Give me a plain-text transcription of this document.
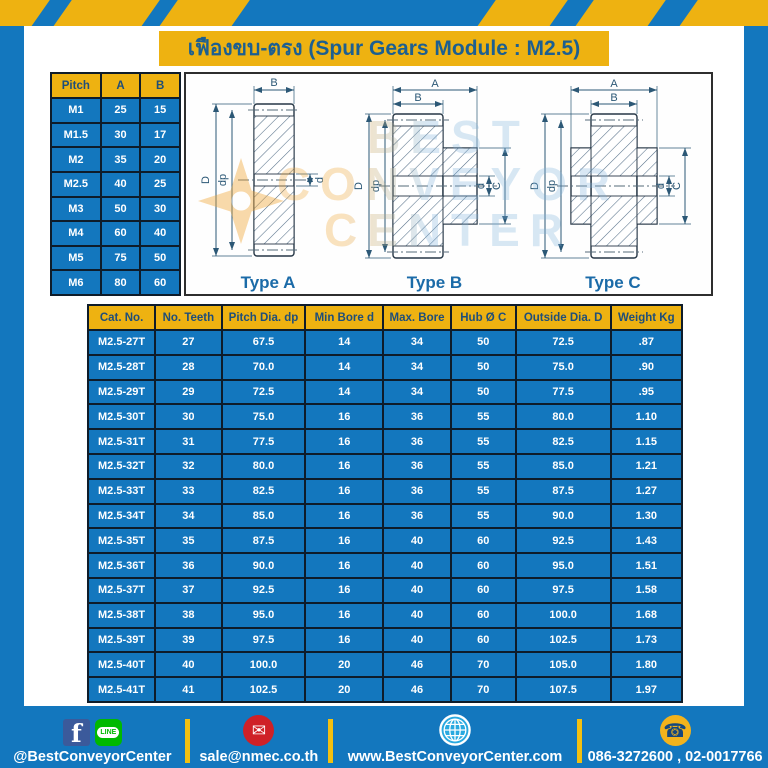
เฟืองขบ-ตรง (Spur Gears Module : M2.5)
Pitch	A	B
M1	25	15
M1.5	30	17
M2	35	20
M2.5	40	25
M3	50	30
M4	60	40
M5	75	50
M6	80	60
BEST
CENTER
B
D dp	d
Type A
A
B
D dp	d C
Type B
A
B
D dp	d C
Type C
Cat. No.	No. Teeth	Pitch Dia. dp	Min Bore d	Max. Bore	Hub Ø C	Outside Dia. D	Weight Kg
M2.5-27T	27	67.5	14	34	50	72.5	.87
M2.5-28T	28	70.0	14	34	50	75.0	.90
M2.5-29T	29	72.5	14	34	50	77.5	.95
M2.5-30T	30	75.0	16	36	55	80.0	1.10
M2.5-31T	31	77.5	16	36	55	82.5	1.15
M2.5-32T	32	80.0	16	36	55	85.0	1.21
M2.5-33T	33	82.5	16	36	55	87.5	1.27
M2.5-34T	34	85.0	16	36	55	90.0	1.30
M2.5-35T	35	87.5	16	40	60	92.5	1.43
M2.5-36T	36	90.0	16	40	60	95.0	1.51
M2.5-37T	37	92.5	16	40	60	97.5	1.58
M2.5-38T	38	95.0	16	40	60	100.0	1.68
M2.5-39T	39	97.5	16	40	60	102.5	1.73
M2.5-40T	40	100.0	20	46	70	105.0	1.80
M2.5-41T	41	102.5	20	46	70	107.5	1.97
f	LINE
@BestConveyorCenter
✉
sale@nmec.co.th www.BestConveyorCenter.com
☎
086-3272600 , 02-0017766
